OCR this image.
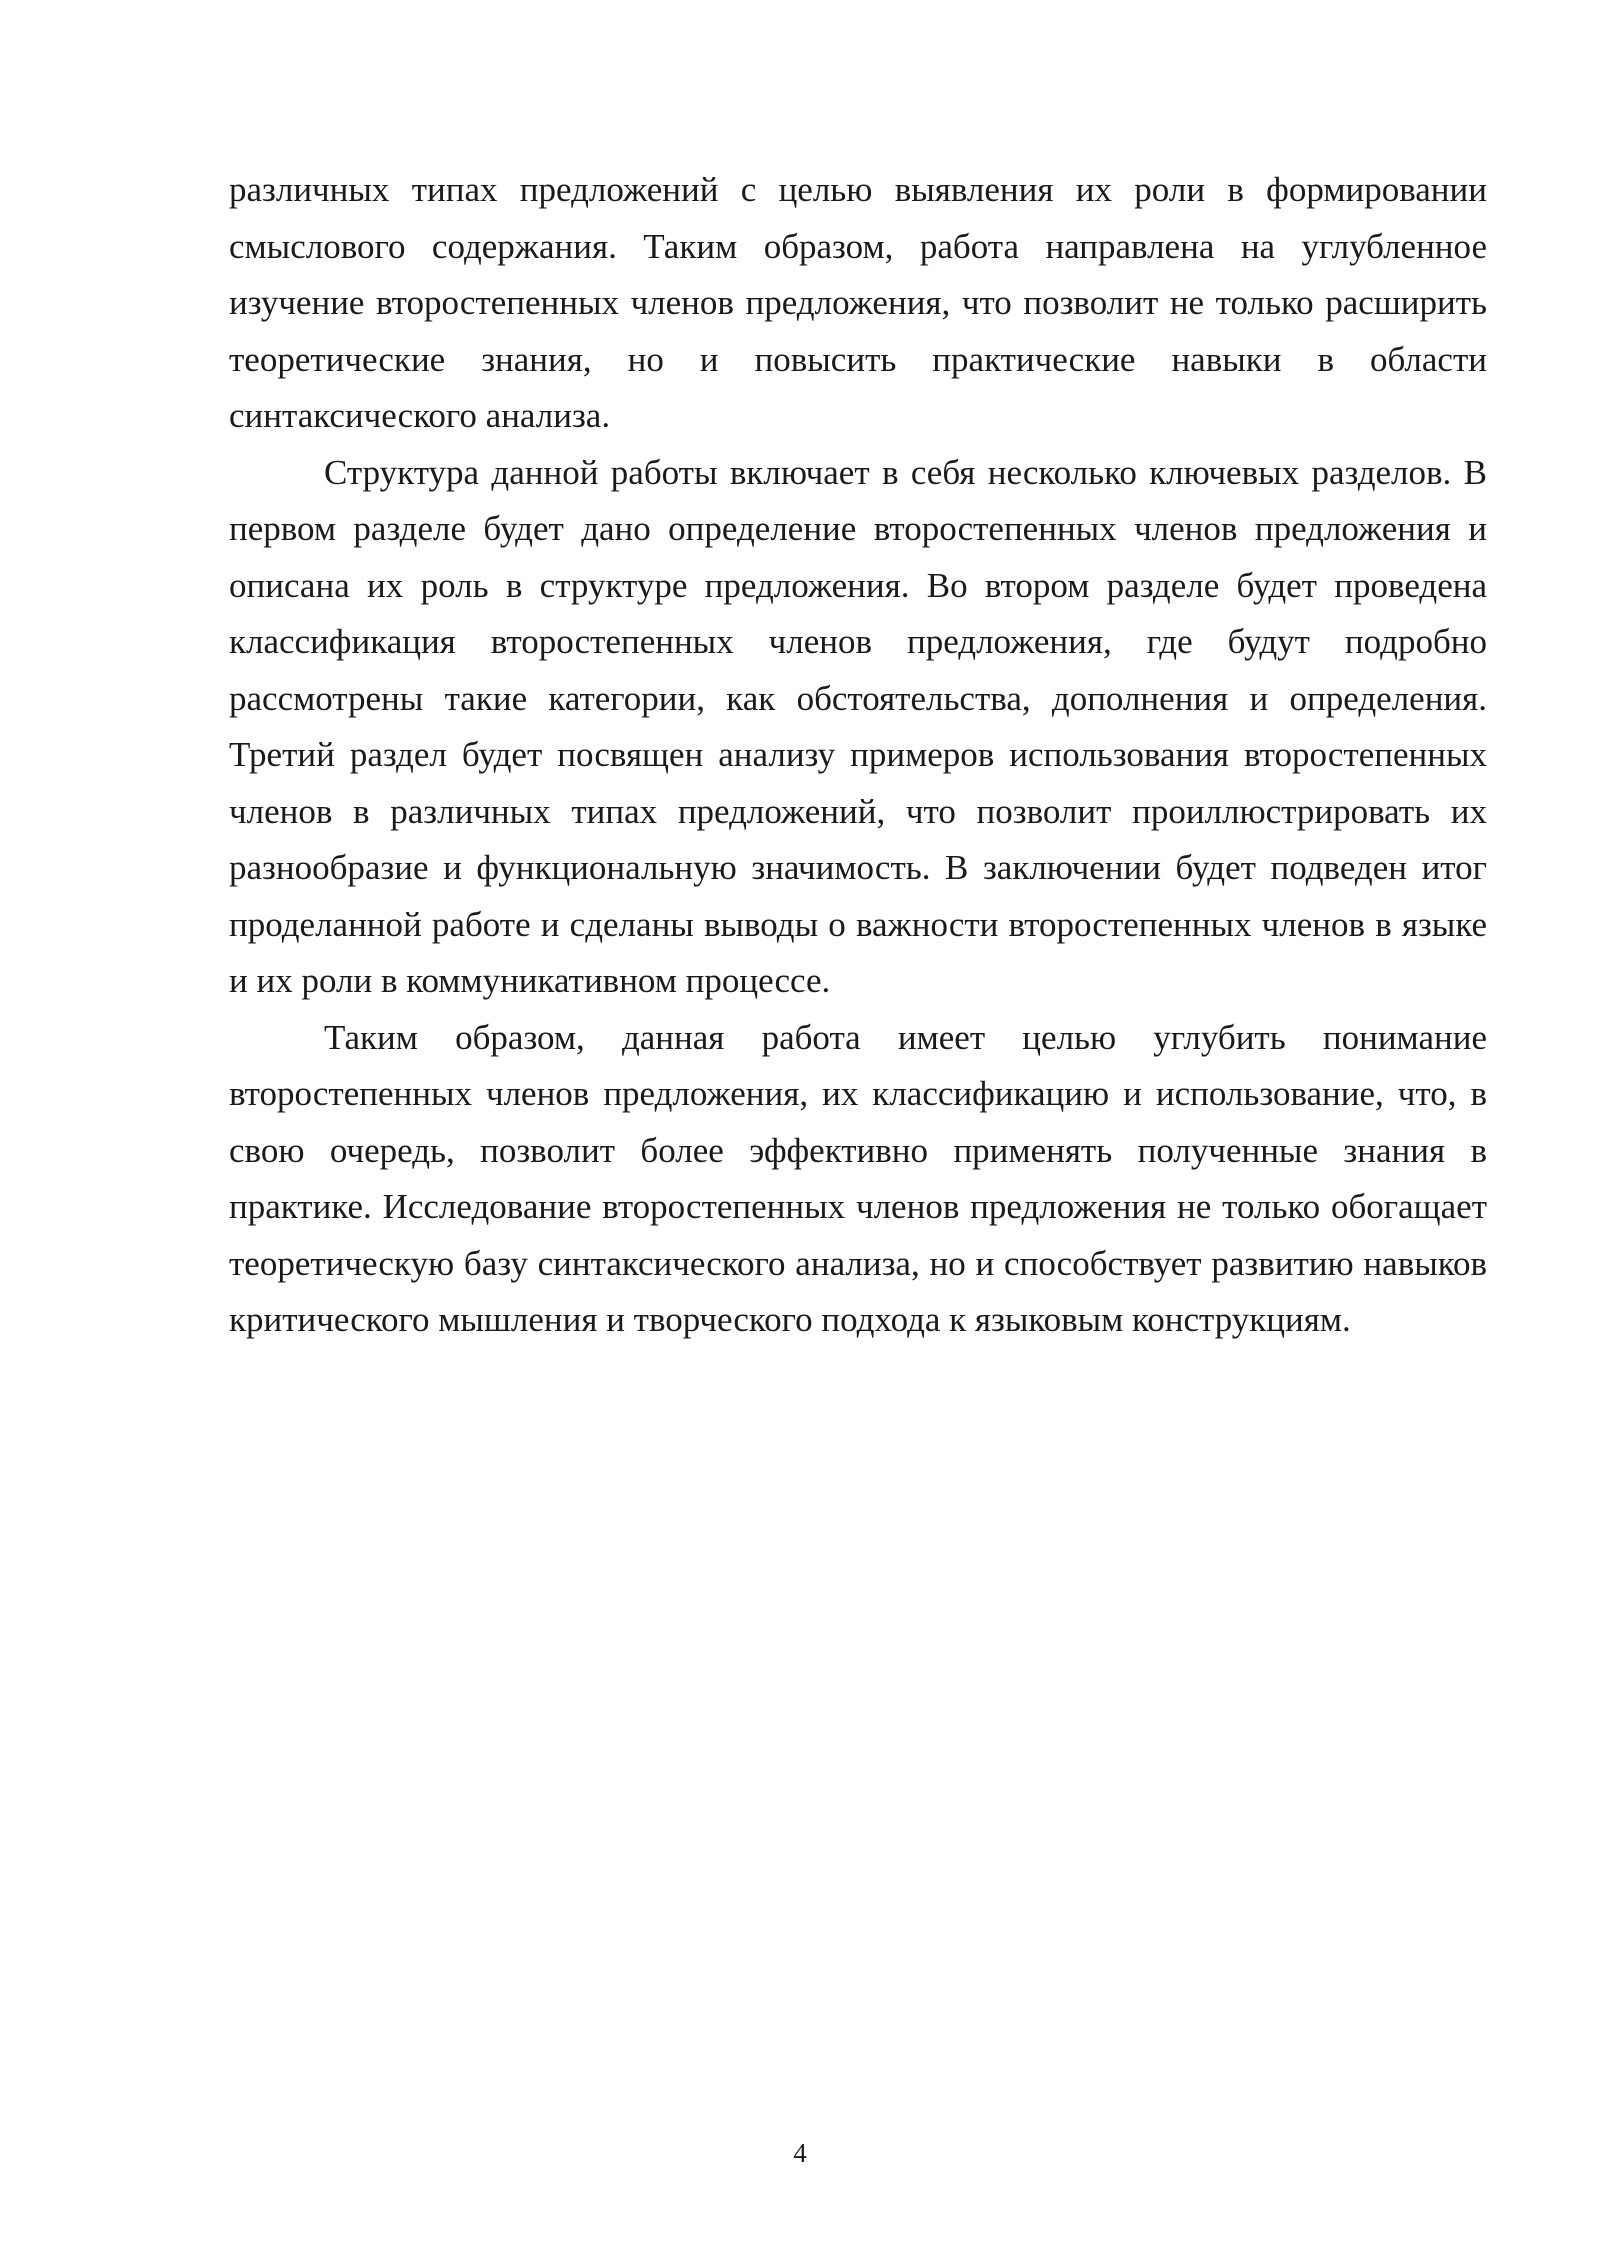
различных типах предложений с целью выявления их роли в формировании смыслового содержания. Таким образом, работа направлена на углубленное изучение второстепенных членов предложения, что позволит не только расширить теоретические знания, но и повысить практические навыки в области синтаксического анализа.

Структура данной работы включает в себя несколько ключевых разделов. В первом разделе будет дано определение второстепенных членов предложения и описана их роль в структуре предложения. Во втором разделе будет проведена классификация второстепенных членов предложения, где будут подробно рассмотрены такие категории, как обстоятельства, дополнения и определения. Третий раздел будет посвящен анализу примеров использования второстепенных членов в различных типах предложений, что позволит проиллюстрировать их разнообразие и функциональную значимость. В заключении будет подведен итог проделанной работе и сделаны выводы о важности второстепенных членов в языке и их роли в коммуникативном процессе.

Таким образом, данная работа имеет целью углубить понимание второстепенных членов предложения, их классификацию и использование, что, в свою очередь, позволит более эффективно применять полученные знания в практике. Исследование второстепенных членов предложения не только обогащает теоретическую базу синтаксического анализа, но и способствует развитию навыков критического мышления и творческого подхода к языковым конструкциям.

4
